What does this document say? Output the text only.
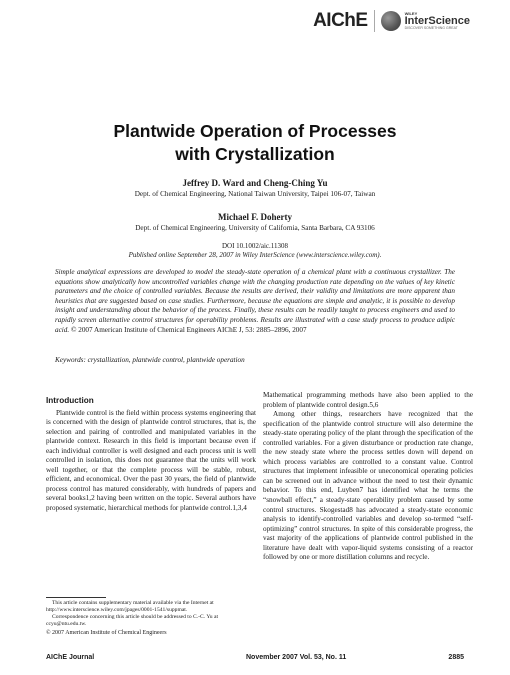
AIChE	WILEY
InterScience
DISCOVER SOMETHING GREAT
Plantwide Operation of Processes
with Crystallization
Jeffrey D. Ward and Cheng-Ching Yu
Dept. of Chemical Engineering, National Taiwan University, Taipei 106-07, Taiwan
Michael F. Doherty
Dept. of Chemical Engineering, University of California, Santa Barbara, CA 93106
DOI 10.1002/aic.11308
Published online September 28, 2007 in Wiley InterScience (www.interscience.wiley.com).
Simple analytical expressions are developed to model the steady-state operation of a chemical plant with a continuous crystallizer. The equations show analytically how uncontrolled variables change with the changing production rate depending on the values of key kinetic parameters and the choice of controlled variables. Because the results are derived, their validity and limitations are more apparent than heuristics that are suggested based on case studies. Furthermore, because the equations are simple and analytic, it is possible to develop insight and understanding about the behavior of the process. Finally, these results can be readily taught to process engineers and used to rapidly screen alternative control structures for operability problems. Results are illustrated with a case study process to produce adipic acid. © 2007 American Institute of Chemical Engineers AIChE J, 53: 2885–2896, 2007
Keywords: crystallization, plantwide control, plantwide operation
Introduction

Plantwide control is the field within process systems engineering that is concerned with the design of plantwide control structures, that is, the selection and pairing of controlled and manipulated variables in the plantwide context. Research in this field is important because even if each individual controller is well designed and each process unit is well controlled in isolation, this does not guarantee that the units will work well together, or that the complete process will be stable, robust, efficient, and economical. Over the past 30 years, the field of plantwide process control has matured considerably, with hundreds of papers and several books1,2 having been written on the topic. Several authors have proposed systematic, hierarchical methods for plantwide control.1,3,4

Mathematical programming methods have also been applied to the problem of plantwide control design.5,6

Among other things, researchers have recognized that the specification of the plantwide control structure will also determine the steady-state operating policy of the plant through the specification of the controlled variables. For a given disturbance or production rate change, the new steady state where the process settles down will depend on which process variables are controlled to a constant value. Control structures that implement infeasible or uneconomical operating policies can be screened out in advance without the need to test their dynamic behavior. To this end, Luyben7 has identified what he terms the “snowball effect,” a steady-state operability problem caused by some control structures. Skogestad8 has advocated a steady-state economic analysis to identify-controlled variables and develop so-termed “self-optimizing” control structures. In spite of this considerable progress, the vast majority of the applications of plantwide control published in the literature have dealt with vapor-liquid systems consisting of a reactor followed by one or more distillation columns and recycle.

This article contains supplementary material available via the Internet at http://www.interscience.wiley.com/jpages/0001-1541/suppmat.

Correspondence concerning this article should be addressed to C.-C. Yu at ccyu@ntu.edu.tw.

© 2007 American Institute of Chemical Engineers
AIChE Journal	November 2007 Vol. 53, No. 11	2885
